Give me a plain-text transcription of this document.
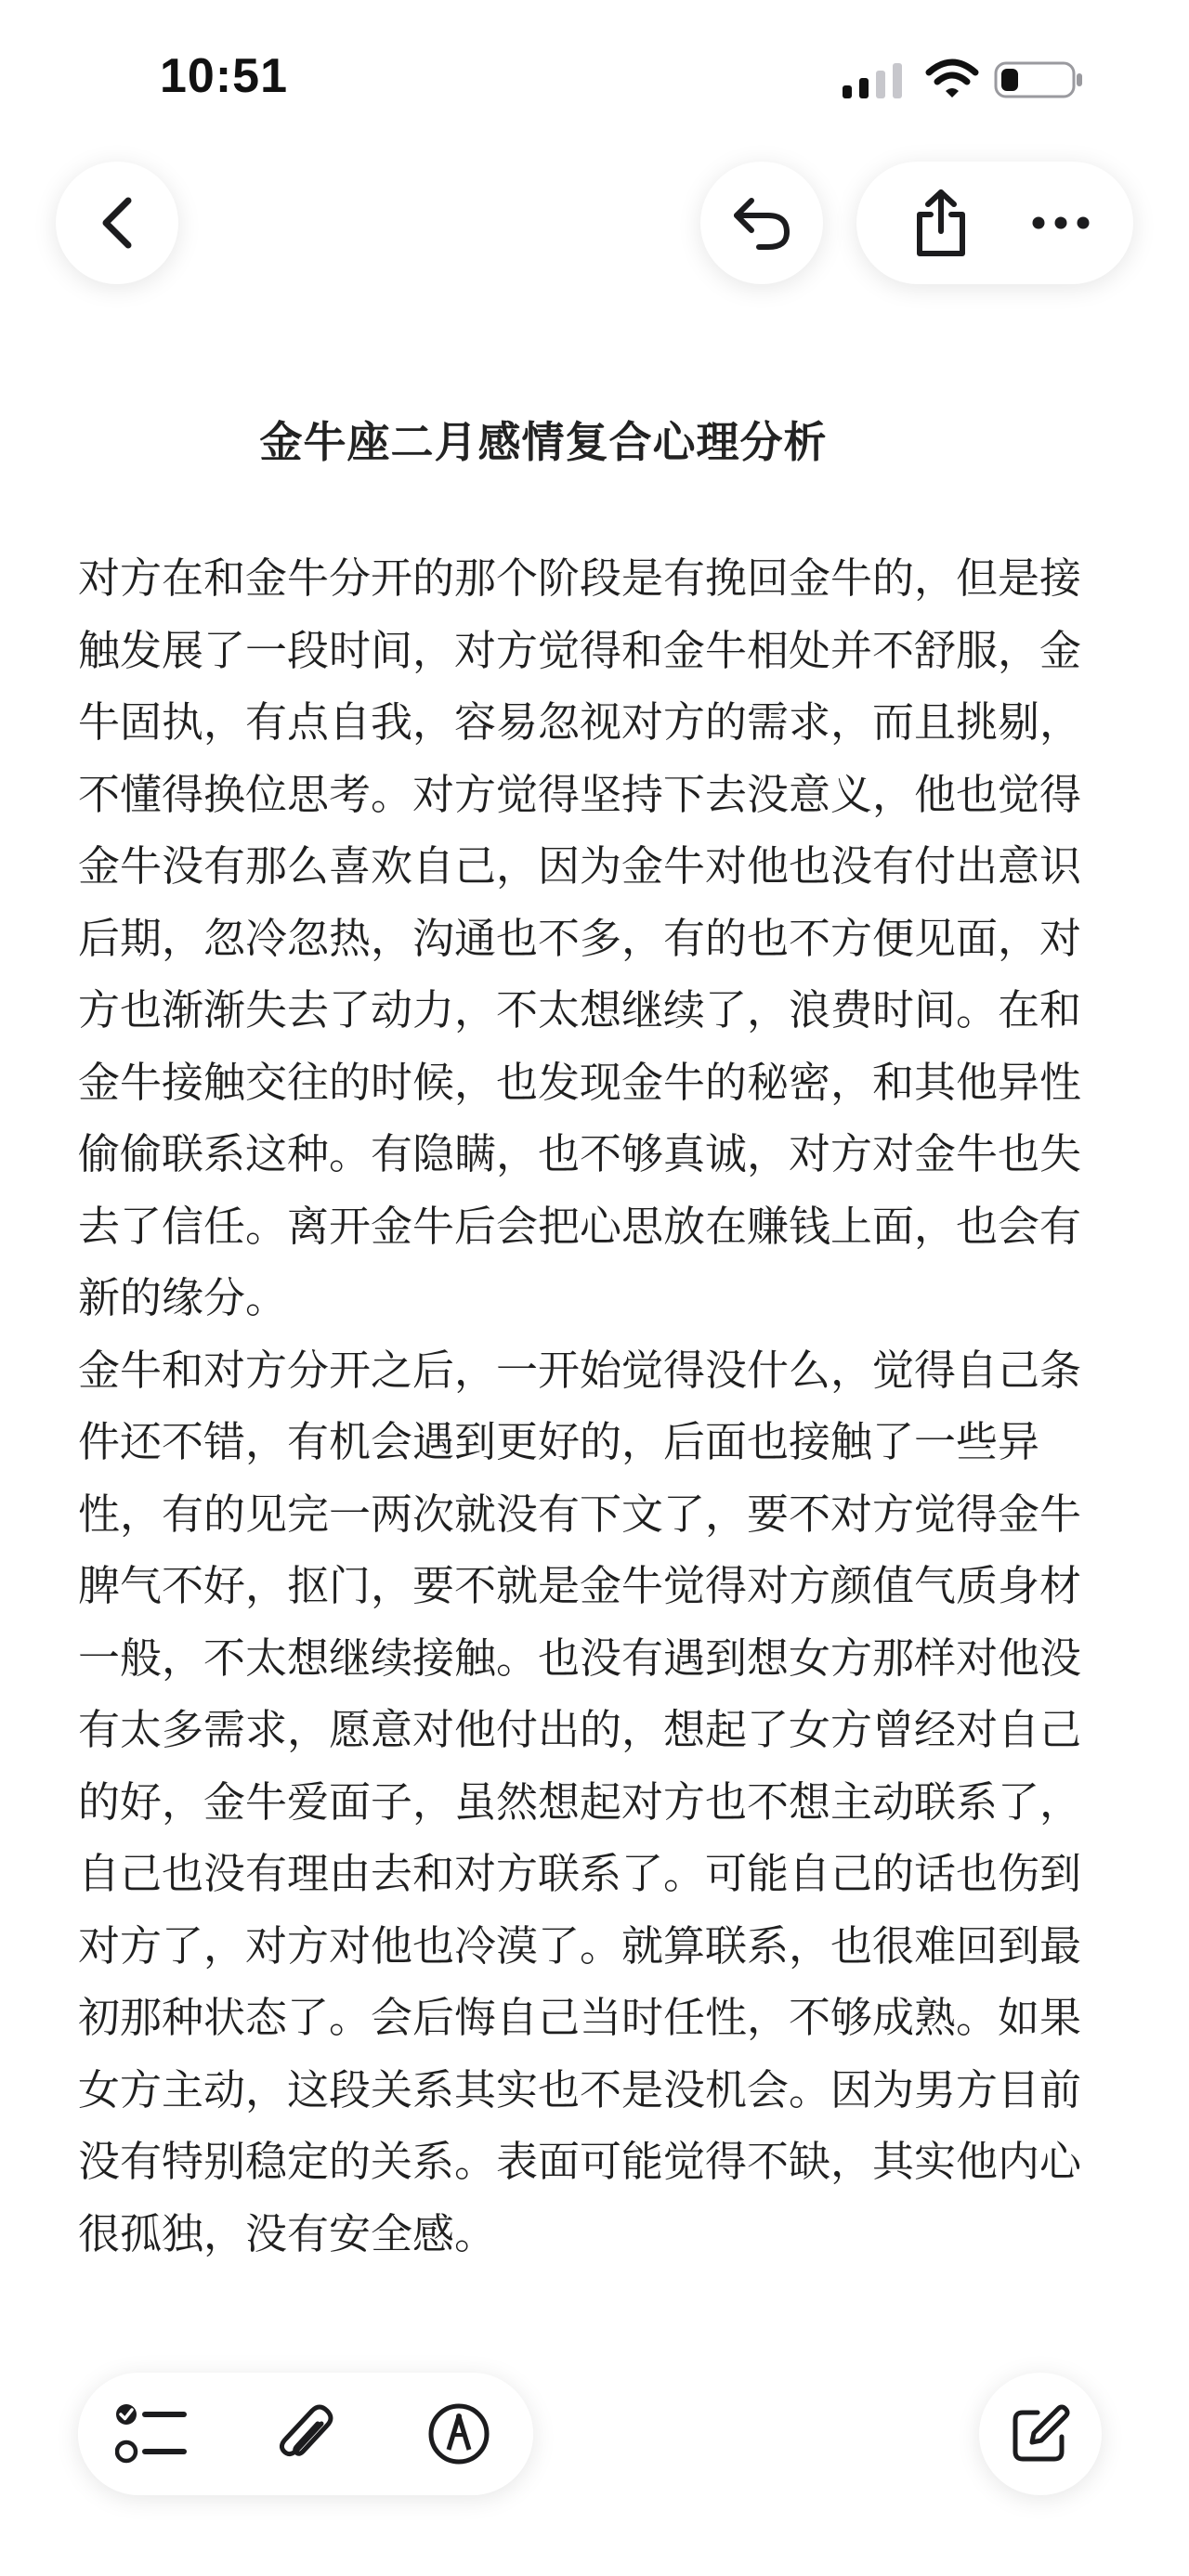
10:51
金牛座二月感情复合心理分析

对方在和金牛分开的那个阶段是有挽回金牛的，但是接触发展了一段时间，对方觉得和金牛相处并不舒服，金牛固执，有点自我，容易忽视对方的需求，而且挑剔，不懂得换位思考。对方觉得坚持下去没意义，他也觉得金牛没有那么喜欢自己，因为金牛对他也没有付出意识后期，忽冷忽热，沟通也不多，有的也不方便见面，对方也渐渐失去了动力，不太想继续了，浪费时间。在和金牛接触交往的时候，也发现金牛的秘密，和其他异性偷偷联系这种。有隐瞒，也不够真诚，对方对金牛也失去了信任。离开金牛后会把心思放在赚钱上面，也会有新的缘分。

金牛和对方分开之后，一开始觉得没什么，觉得自己条件还不错，有机会遇到更好的，后面也接触了一些异性，有的见完一两次就没有下文了，要不对方觉得金牛脾气不好，抠门，要不就是金牛觉得对方颜值气质身材一般，不太想继续接触。也没有遇到想女方那样对他没有太多需求，愿意对他付出的，想起了女方曾经对自己的好，金牛爱面子，虽然想起对方也不想主动联系了，自己也没有理由去和对方联系了。可能自己的话也伤到对方了，对方对他也冷漠了。就算联系，也很难回到最初那种状态了。会后悔自己当时任性，不够成熟。如果女方主动，这段关系其实也不是没机会。因为男方目前没有特别稳定的关系。表面可能觉得不缺，其实他内心很孤独，没有安全感。
